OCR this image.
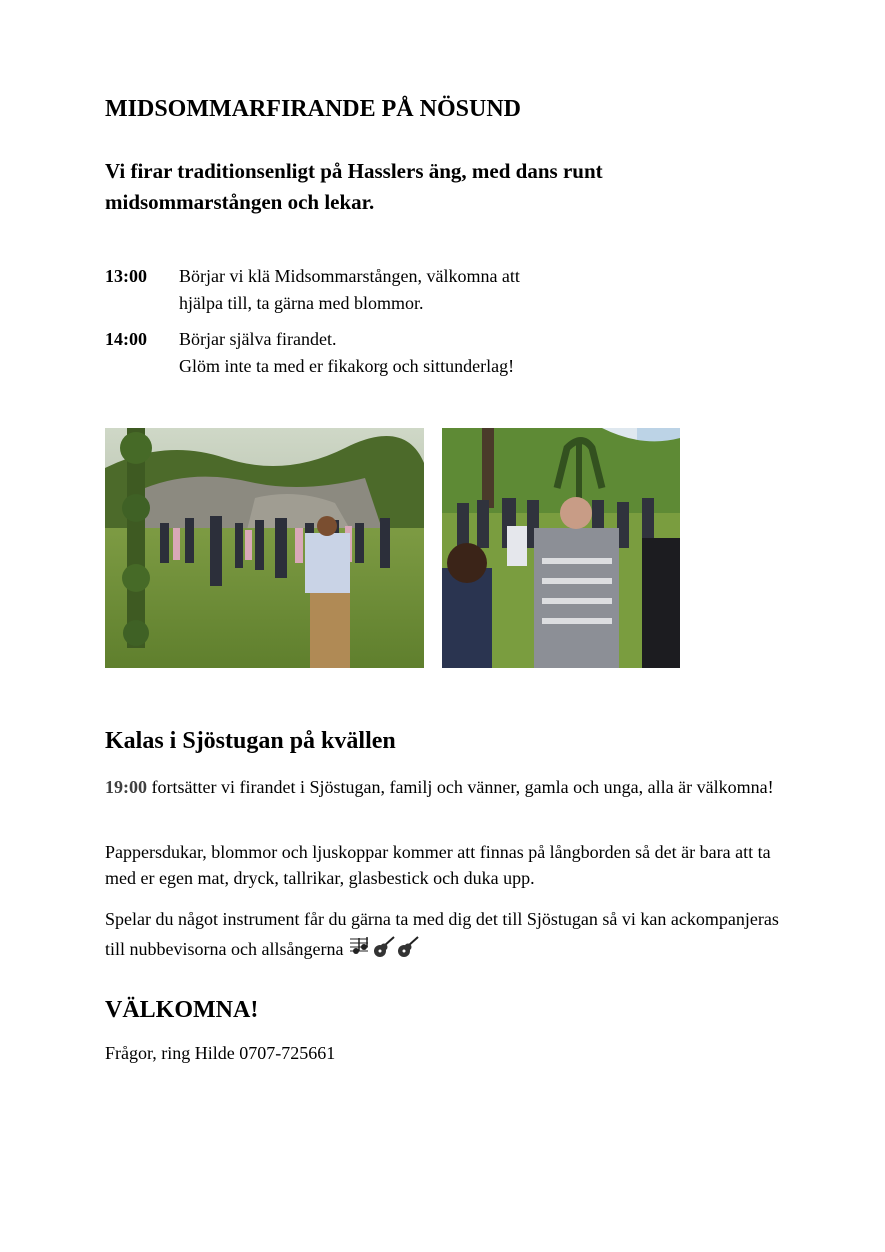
MIDSOMMARFIRANDE PÅ NÖSUND

Vi firar traditionsenligt på Hasslers äng, med dans runt midsommarstången och lekar.

13:00	Börjar vi klä Midsommarstången, välkomna att
hjälpa till, ta gärna med blommor.
14:00	Börjar själva firandet.
Glöm inte ta med er fikakorg och sittunderlag!
Kalas i Sjöstugan på kvällen

19:00 fortsätter vi firandet i Sjöstugan, familj och vänner, gamla och unga, alla är välkomna!

Pappersdukar, blommor och ljuskoppar kommer att finnas på långborden så det är bara att ta med er egen mat, dryck, tallrikar, glasbestick och duka upp.

Spelar du något instrument får du gärna ta med dig det till Sjöstugan så vi kan ackompanjeras till nubbevisorna och allsångerna

VÄLKOMNA!

Frågor, ring Hilde 0707-725661
